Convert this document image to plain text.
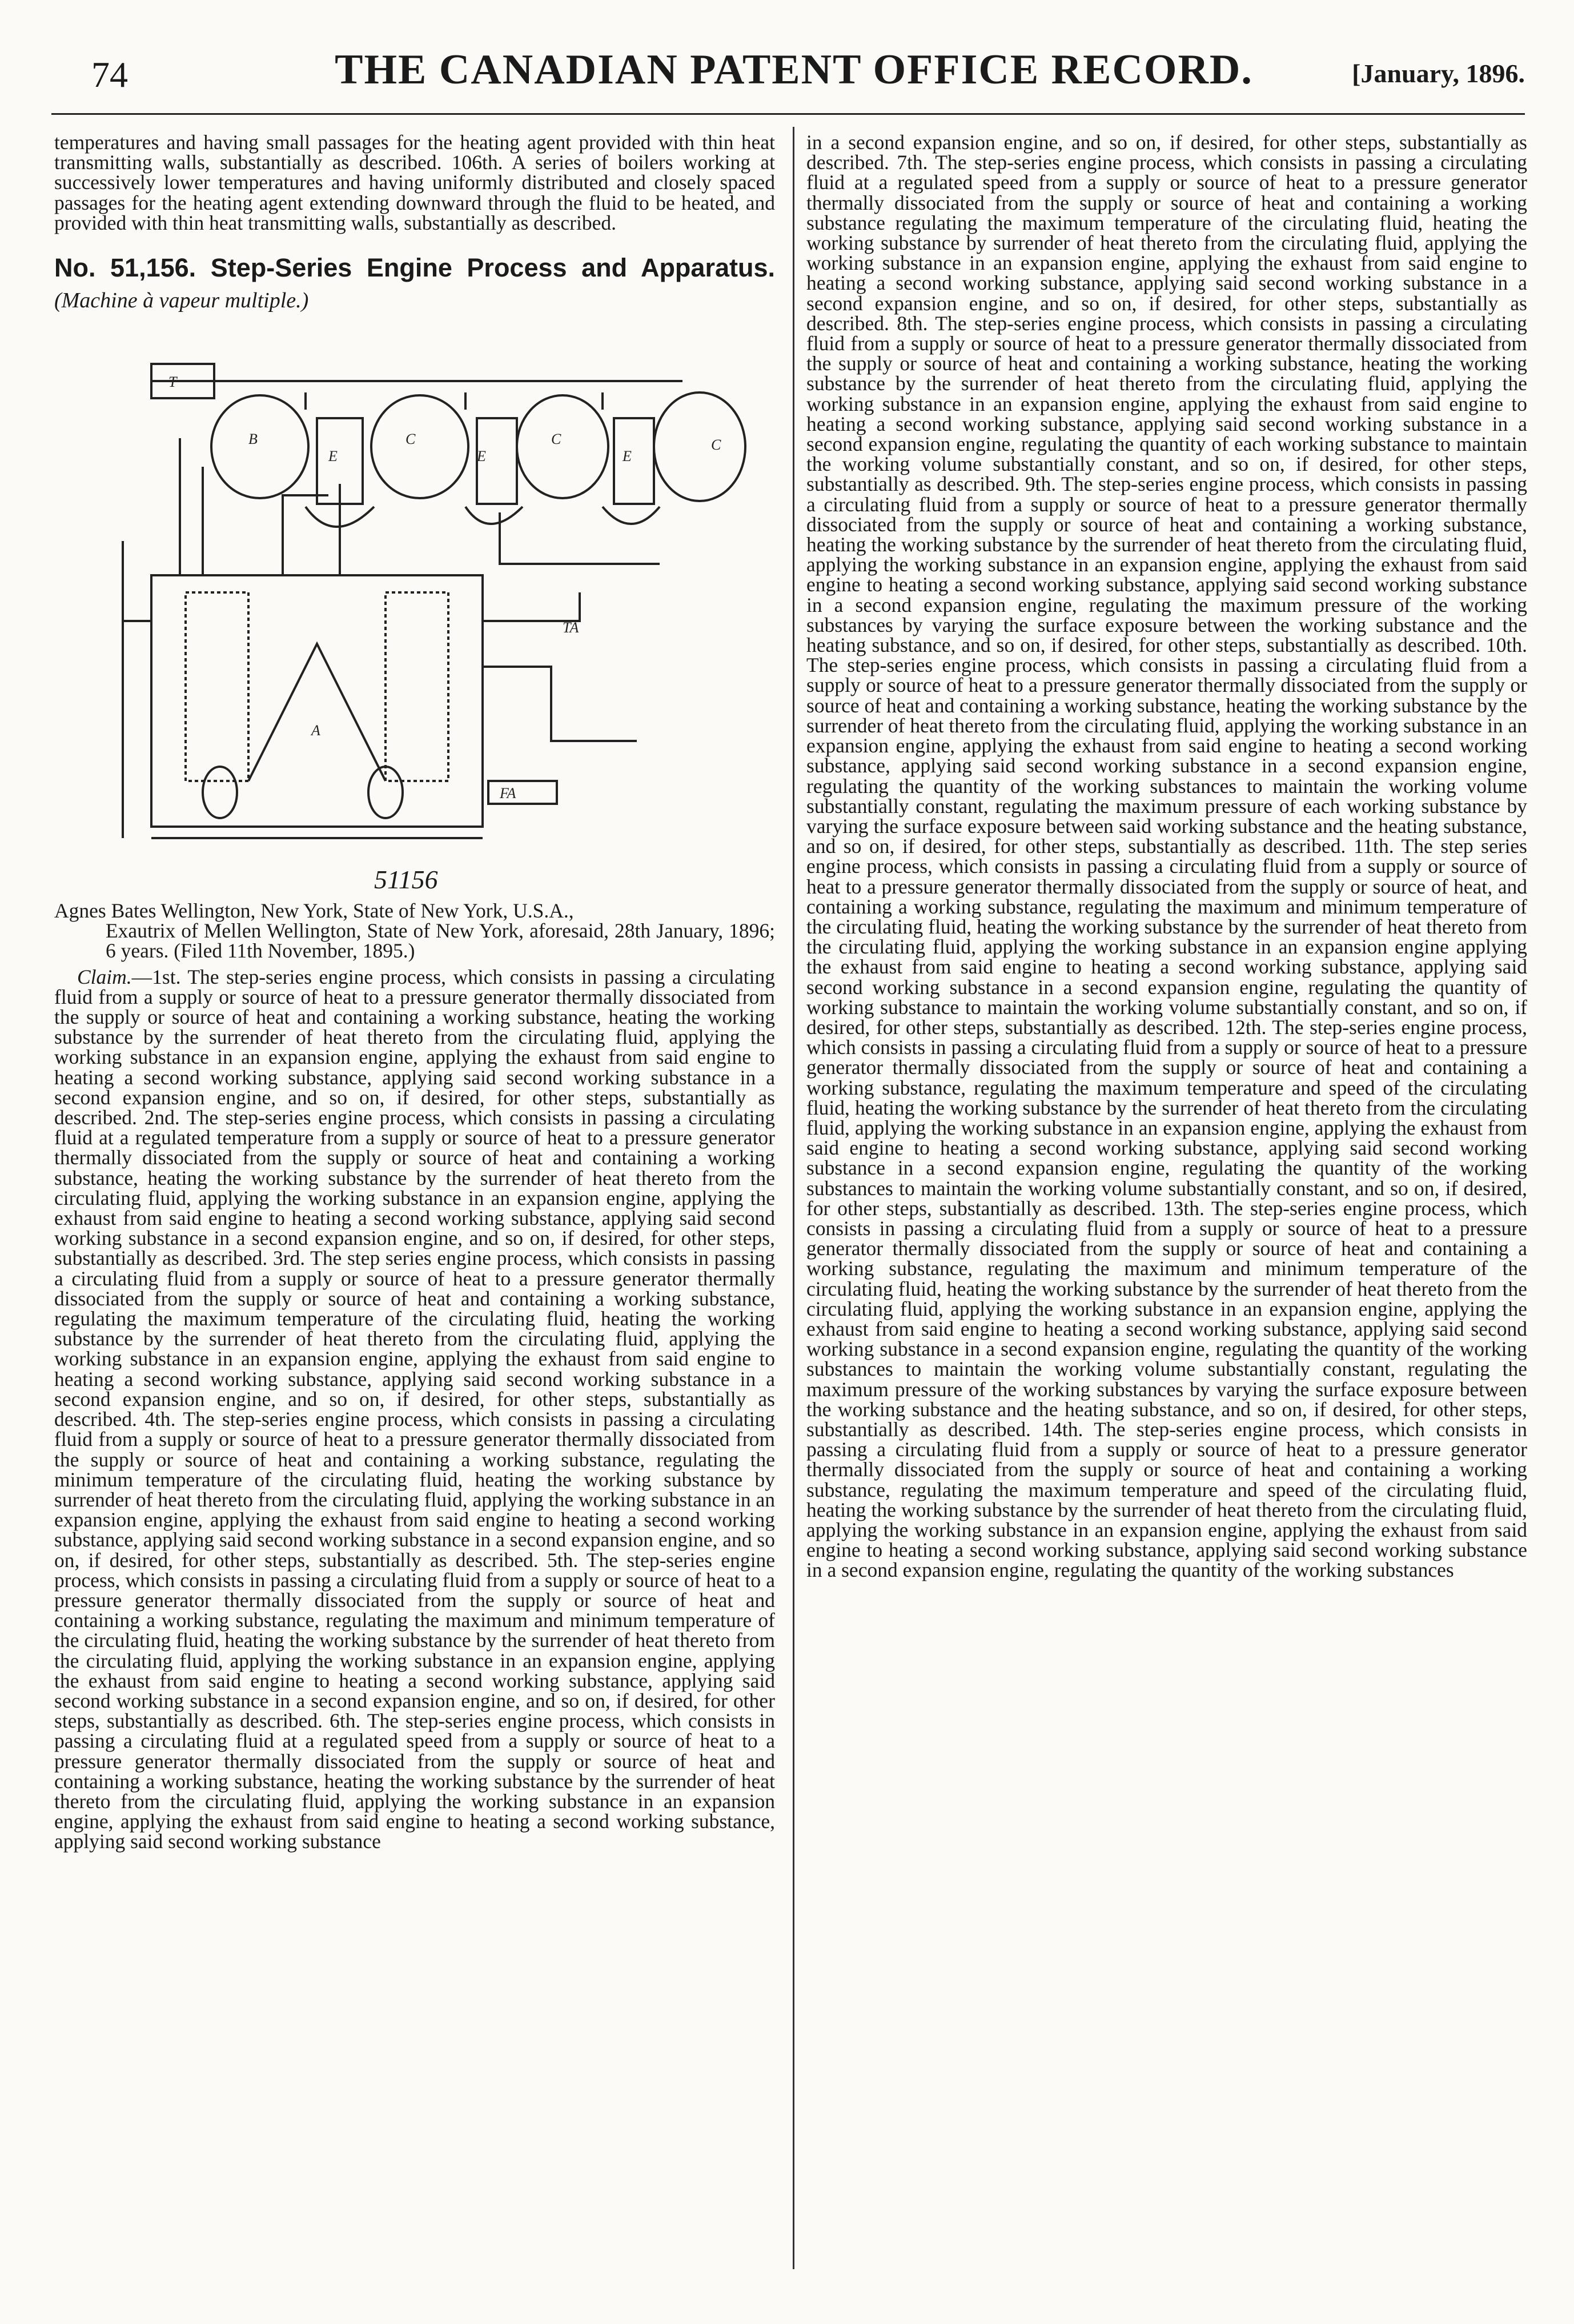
74	THE CANADIAN PATENT OFFICE RECORD.	[January, 1896.

temperatures and having small passages for the heating agent provided with thin heat transmitting walls, substantially as described. 106th. A series of boilers working at successively lower temperatures and having uniformly distributed and closely spaced passages for the heating agent extending downward through the fluid to be heated, and provided with thin heat transmitting walls, substantially as described.

No. 51,156. Step-Series Engine Process and Apparatus. (Machine à vapeur multiple.)

T
B	C	C	C
E	E	E
A
TA
FA
51156

Agnes Bates Wellington, New York, State of New York, U.S.A.,
Exautrix of Mellen Wellington, State of New York, aforesaid, 28th January, 1896; 6 years. (Filed 11th November, 1895.)

Claim.—1st. The step-series engine process, which consists in passing a circulating fluid from a supply or source of heat to a pressure generator thermally dissociated from the supply or source of heat and containing a working substance, heating the working substance by the surrender of heat thereto from the circulating fluid, applying the working substance in an expansion engine, applying the exhaust from said engine to heating a second working substance, applying said second working substance in a second expansion engine, and so on, if desired, for other steps, substantially as described. 2nd. The step-series engine process, which consists in passing a circulating fluid at a regulated temperature from a supply or source of heat to a pressure generator thermally dissociated from the supply or source of heat and containing a working substance, heating the working substance by the surrender of heat thereto from the circulating fluid, applying the working substance in an expansion engine, applying the exhaust from said engine to heating a second working substance, applying said second working substance in a second expansion engine, and so on, if desired, for other steps, substantially as described. 3rd. The step series engine process, which consists in passing a circulating fluid from a supply or source of heat to a pressure generator thermally dissociated from the supply or source of heat and containing a working substance, regulating the maximum temperature of the circulating fluid, heating the working substance by the surrender of heat thereto from the circulating fluid, applying the working substance in an expansion engine, applying the exhaust from said engine to heating a second working substance, applying said second working substance in a second expansion engine, and so on, if desired, for other steps, substantially as described. 4th. The step-series engine process, which consists in passing a circulating fluid from a supply or source of heat to a pressure generator thermally dissociated from the supply or source of heat and containing a working substance, regulating the minimum temperature of the circulating fluid, heating the working substance by surrender of heat thereto from the circulating fluid, applying the working substance in an expansion engine, applying the exhaust from said engine to heating a second working substance, applying said second working substance in a second expansion engine, and so on, if desired, for other steps, substantially as described. 5th. The step-series engine process, which consists in passing a circulating fluid from a supply or source of heat to a pressure generator thermally dissociated from the supply or source of heat and containing a working substance, regulating the maximum and minimum temperature of the circulating fluid, heating the working substance by the surrender of heat thereto from the circulating fluid, applying the working substance in an expansion engine, applying the exhaust from said engine to heating a second working substance, applying said second working substance in a second expansion engine, and so on, if desired, for other steps, substantially as described. 6th. The step-series engine process, which consists in passing a circulating fluid at a regulated speed from a supply or source of heat to a pressure generator thermally dissociated from the supply or source of heat and containing a working substance, heating the working substance by the surrender of heat thereto from the circulating fluid, applying the working substance in an expansion engine, applying the exhaust from said engine to heating a second working substance, applying said second working substance

in a second expansion engine, and so on, if desired, for other steps, substantially as described. 7th. The step-series engine process, which consists in passing a circulating fluid at a regulated speed from a supply or source of heat to a pressure generator thermally dissociated from the supply or source of heat and containing a working substance regulating the maximum temperature of the circulating fluid, heating the working substance by surrender of heat thereto from the circulating fluid, applying the working substance in an expansion engine, applying the exhaust from said engine to heating a second working substance, applying said second working substance in a second expansion engine, and so on, if desired, for other steps, substantially as described. 8th. The step-series engine process, which consists in passing a circulating fluid from a supply or source of heat to a pressure generator thermally dissociated from the supply or source of heat and containing a working substance, heating the working substance by the surrender of heat thereto from the circulating fluid, applying the working substance in an expansion engine, applying the exhaust from said engine to heating a second working substance, applying said second working substance in a second expansion engine, regulating the quantity of each working substance to maintain the working volume substantially constant, and so on, if desired, for other steps, substantially as described. 9th. The step-series engine process, which consists in passing a circulating fluid from a supply or source of heat to a pressure generator thermally dissociated from the supply or source of heat and containing a working substance, heating the working substance by the surrender of heat thereto from the circulating fluid, applying the working substance in an expansion engine, applying the exhaust from said engine to heating a second working substance, applying said second working substance in a second expansion engine, regulating the maximum pressure of the working substances by varying the surface exposure between the working substance and the heating substance, and so on, if desired, for other steps, substantially as described. 10th. The step-series engine process, which consists in passing a circulating fluid from a supply or source of heat to a pressure generator thermally dissociated from the supply or source of heat and containing a working substance, heating the working substance by the surrender of heat thereto from the circulating fluid, applying the working substance in an expansion engine, applying the exhaust from said engine to heating a second working substance, applying said second working substance in a second expansion engine, regulating the quantity of the working substances to maintain the working volume substantially constant, regulating the maximum pressure of each working substance by varying the surface exposure between said working substance and the heating substance, and so on, if desired, for other steps, substantially as described. 11th. The step series engine process, which consists in passing a circulating fluid from a supply or source of heat to a pressure generator thermally dissociated from the supply or source of heat, and containing a working substance, regulating the maximum and minimum temperature of the circulating fluid, heating the working substance by the surrender of heat thereto from the circulating fluid, applying the working substance in an expansion engine applying the exhaust from said engine to heating a second working substance, applying said second working substance in a second expansion engine, regulating the quantity of working substance to maintain the working volume substantially constant, and so on, if desired, for other steps, substantially as described. 12th. The step-series engine process, which consists in passing a circulating fluid from a supply or source of heat to a pressure generator thermally dissociated from the supply or source of heat and containing a working substance, regulating the maximum temperature and speed of the circulating fluid, heating the working substance by the surrender of heat thereto from the circulating fluid, applying the working substance in an expansion engine, applying the exhaust from said engine to heating a second working substance, applying said second working substance in a second expansion engine, regulating the quantity of the working substances to maintain the working volume substantially constant, and so on, if desired, for other steps, substantially as described. 13th. The step-series engine process, which consists in passing a circulating fluid from a supply or source of heat to a pressure generator thermally dissociated from the supply or source of heat and containing a working substance, regulating the maximum and minimum temperature of the circulating fluid, heating the working substance by the surrender of heat thereto from the circulating fluid, applying the working substance in an expansion engine, applying the exhaust from said engine to heating a second working substance, applying said second working substance in a second expansion engine, regulating the quantity of the working substances to maintain the working volume substantially constant, regulating the maximum pressure of the working substances by varying the surface exposure between the working substance and the heating substance, and so on, if desired, for other steps, substantially as described. 14th. The step-series engine process, which consists in passing a circulating fluid from a supply or source of heat to a pressure generator thermally dissociated from the supply or source of heat and containing a working substance, regulating the maximum temperature and speed of the circulating fluid, heating the working substance by the surrender of heat thereto from the circulating fluid, applying the working substance in an expansion engine, applying the exhaust from said engine to heating a second working substance, applying said second working substance in a second expansion engine, regulating the quantity of the working substances
